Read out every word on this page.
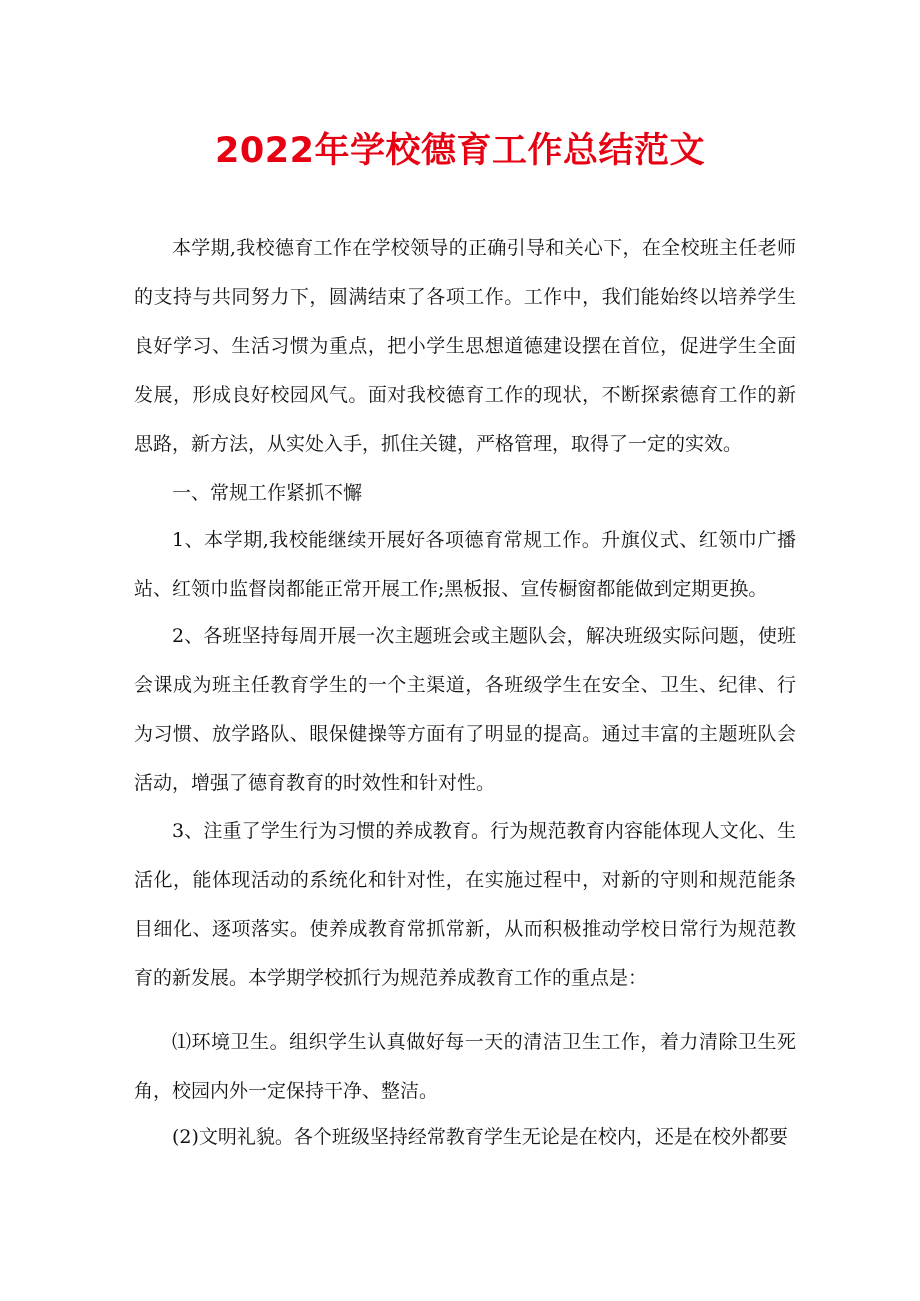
2022年学校德育工作总结范文

本学期,我校德育工作在学校领导的正确引导和关心下，在全校班主任老师的支持与共同努力下，圆满结束了各项工作。工作中，我们能始终以培养学生良好学习、生活习惯为重点，把小学生思想道德建设摆在首位，促进学生全面发展，形成良好校园风气。面对我校德育工作的现状，不断探索德育工作的新思路，新方法，从实处入手，抓住关键，严格管理，取得了一定的实效。

一、常规工作紧抓不懈

1、本学期,我校能继续开展好各项德育常规工作。升旗仪式、红领巾广播站、红领巾监督岗都能正常开展工作;黑板报、宣传橱窗都能做到定期更换。

2、各班坚持每周开展一次主题班会或主题队会，解决班级实际问题，使班会课成为班主任教育学生的一个主渠道，各班级学生在安全、卫生、纪律、行为习惯、放学路队、眼保健操等方面有了明显的提高。通过丰富的主题班队会活动，增强了德育教育的时效性和针对性。

3、注重了学生行为习惯的养成教育。行为规范教育内容能体现人文化、生活化，能体现活动的系统化和针对性，在实施过程中，对新的守则和规范能条目细化、逐项落实。使养成教育常抓常新，从而积极推动学校日常行为规范教育的新发展。本学期学校抓行为规范养成教育工作的重点是：

⑴环境卫生。组织学生认真做好每一天的清洁卫生工作，着力清除卫生死角，校园内外一定保持干净、整洁。

(2)文明礼貌。各个班级坚持经常教育学生无论是在校内，还是在校外都要
